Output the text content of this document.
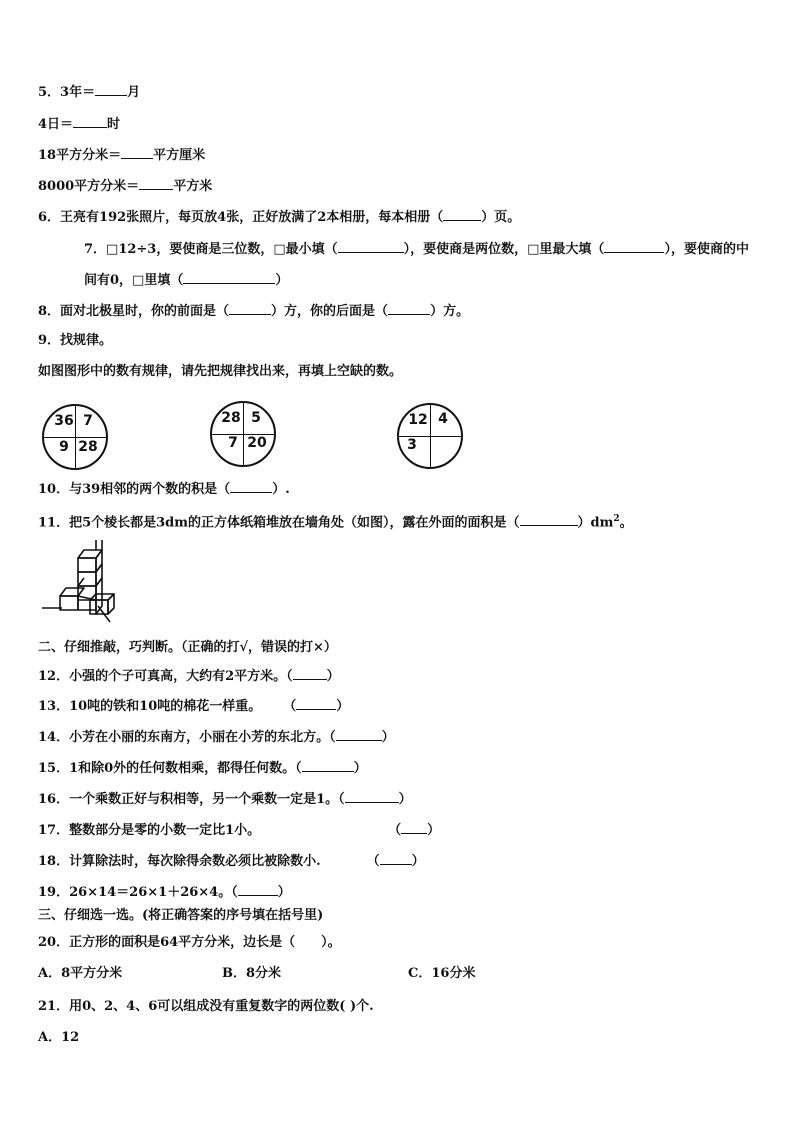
5．3年＝ 月
4日＝	时
18平方分米＝ 平方厘米
8000平方分米＝	平方米
6．王亮有192张照片，每页放4张，正好放满了2本相册，每本相册（	）页。
7．□12÷3，要使商是三位数，□最小填（	），要使商是两位数，□里最大填（	），要使商的中
间有0，□里填（	）
8．面对北极星时，你的前面是（	）方，你的后面是（	）方。
9．找规律。
如图图形中的数有规律，请先把规律找出来，再填上空缺的数。
36 7
9 28
28 5
7 20
12 4
3
10．与39相邻的两个数的积是（	）.
11．把5个棱长都是3dm的正方体纸箱堆放在墙角处（如图），露在外面的面积是（	）$dm^2$。
二、仔细推敲，巧判断。（正确的打√，错误的打×）
12．小强的个子可真高，大约有2平方米。（	）
13．10吨的铁和10吨的棉花一样重。 （	）
14．小芳在小丽的东南方，小丽在小芳的东北方。（	）
15．1和除0外的任何数相乘，都得任何数。（	）
16．一个乘数正好与积相等，另一个乘数一定是1。（	）
17．整数部分是零的小数一定比1小。	（ ）
18．计算除法时，每次除得余数必须比被除数小.	（ ）
19．26×14＝26×1＋26×4。（	）
三、仔细选一选。(将正确答案的序号填在括号里)
20．正方形的面积是64平方分米，边长是（　　）。
A．8平方分米	B．8分米	C．16分米
21．用0、2、4、6可以组成没有重复数字的两位数( )个.
A．12
